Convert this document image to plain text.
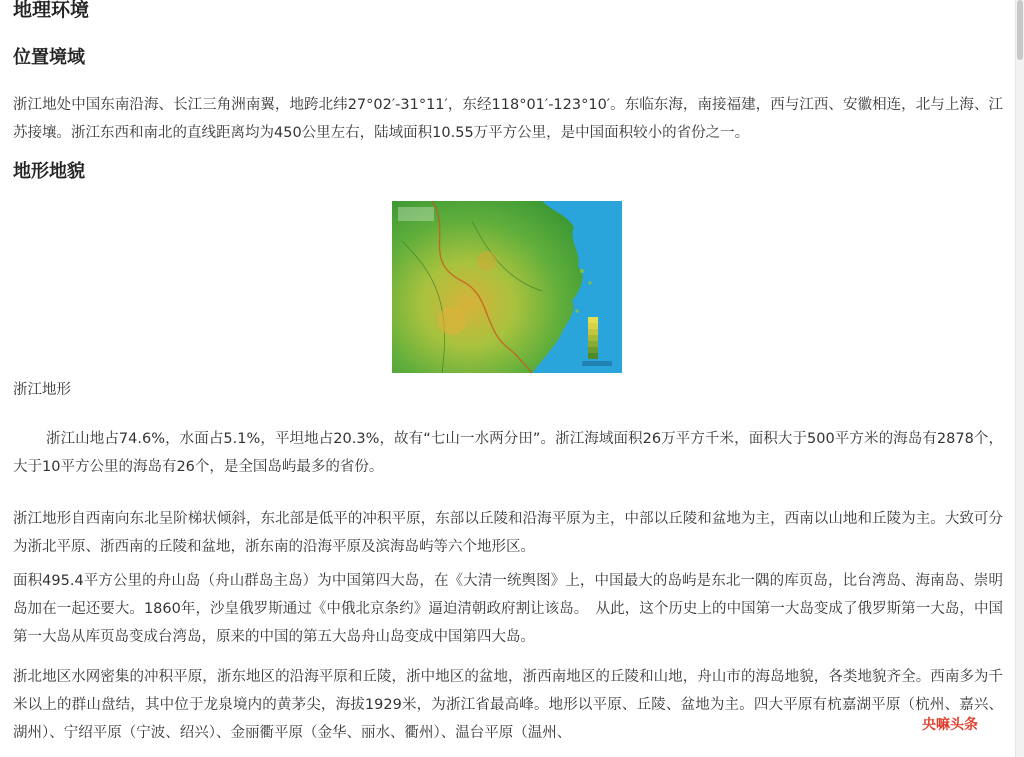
地理环境
位置境域

浙江地处中国东南沿海、长江三角洲南翼，地跨北纬27°02′-31°11′，东经118°01′-123°10′。东临东海，南接福建，西与江西、安徽相连，北与上海、江苏接壤。浙江东西和南北的直线距离均为450公里左右，陆域面积10.55万平方公里，是中国面积较小的省份之一。

地形地貌
浙江地形

浙江山地占74.6%，水面占5.1%，平坦地占20.3%，故有“七山一水两分田”。浙江海域面积26万平方千米，面积大于500平方米的海岛有2878个，大于10平方公里的海岛有26个，是全国岛屿最多的省份。

浙江地形自西南向东北呈阶梯状倾斜，东北部是低平的冲积平原，东部以丘陵和沿海平原为主，中部以丘陵和盆地为主，西南以山地和丘陵为主。大致可分为浙北平原、浙西南的丘陵和盆地，浙东南的沿海平原及滨海岛屿等六个地形区。

面积495.4平方公里的舟山岛（舟山群岛主岛）为中国第四大岛，在《大清一统舆图》上，中国最大的岛屿是东北一隅的库页岛，比台湾岛、海南岛、崇明岛加在一起还要大。1860年，沙皇俄罗斯通过《中俄北京条约》逼迫清朝政府割让该岛。　从此，这个历史上的中国第一大岛变成了俄罗斯第一大岛，中国第一大岛从库页岛变成台湾岛，原来的中国的第五大岛舟山岛变成中国第四大岛。

浙北地区水网密集的冲积平原，浙东地区的沿海平原和丘陵，浙中地区的盆地，浙西南地区的丘陵和山地，舟山市的海岛地貌，各类地貌齐全。西南多为千米以上的群山盘结，其中位于龙泉境内的黄茅尖，海拔1929米，为浙江省最高峰。地形以平原、丘陵、盆地为主。四大平原有杭嘉湖平原（杭州、嘉兴、湖州）、宁绍平原（宁波、绍兴）、金丽衢平原（金华、丽水、衢州）、温台平原（温州、	央嘛头条
